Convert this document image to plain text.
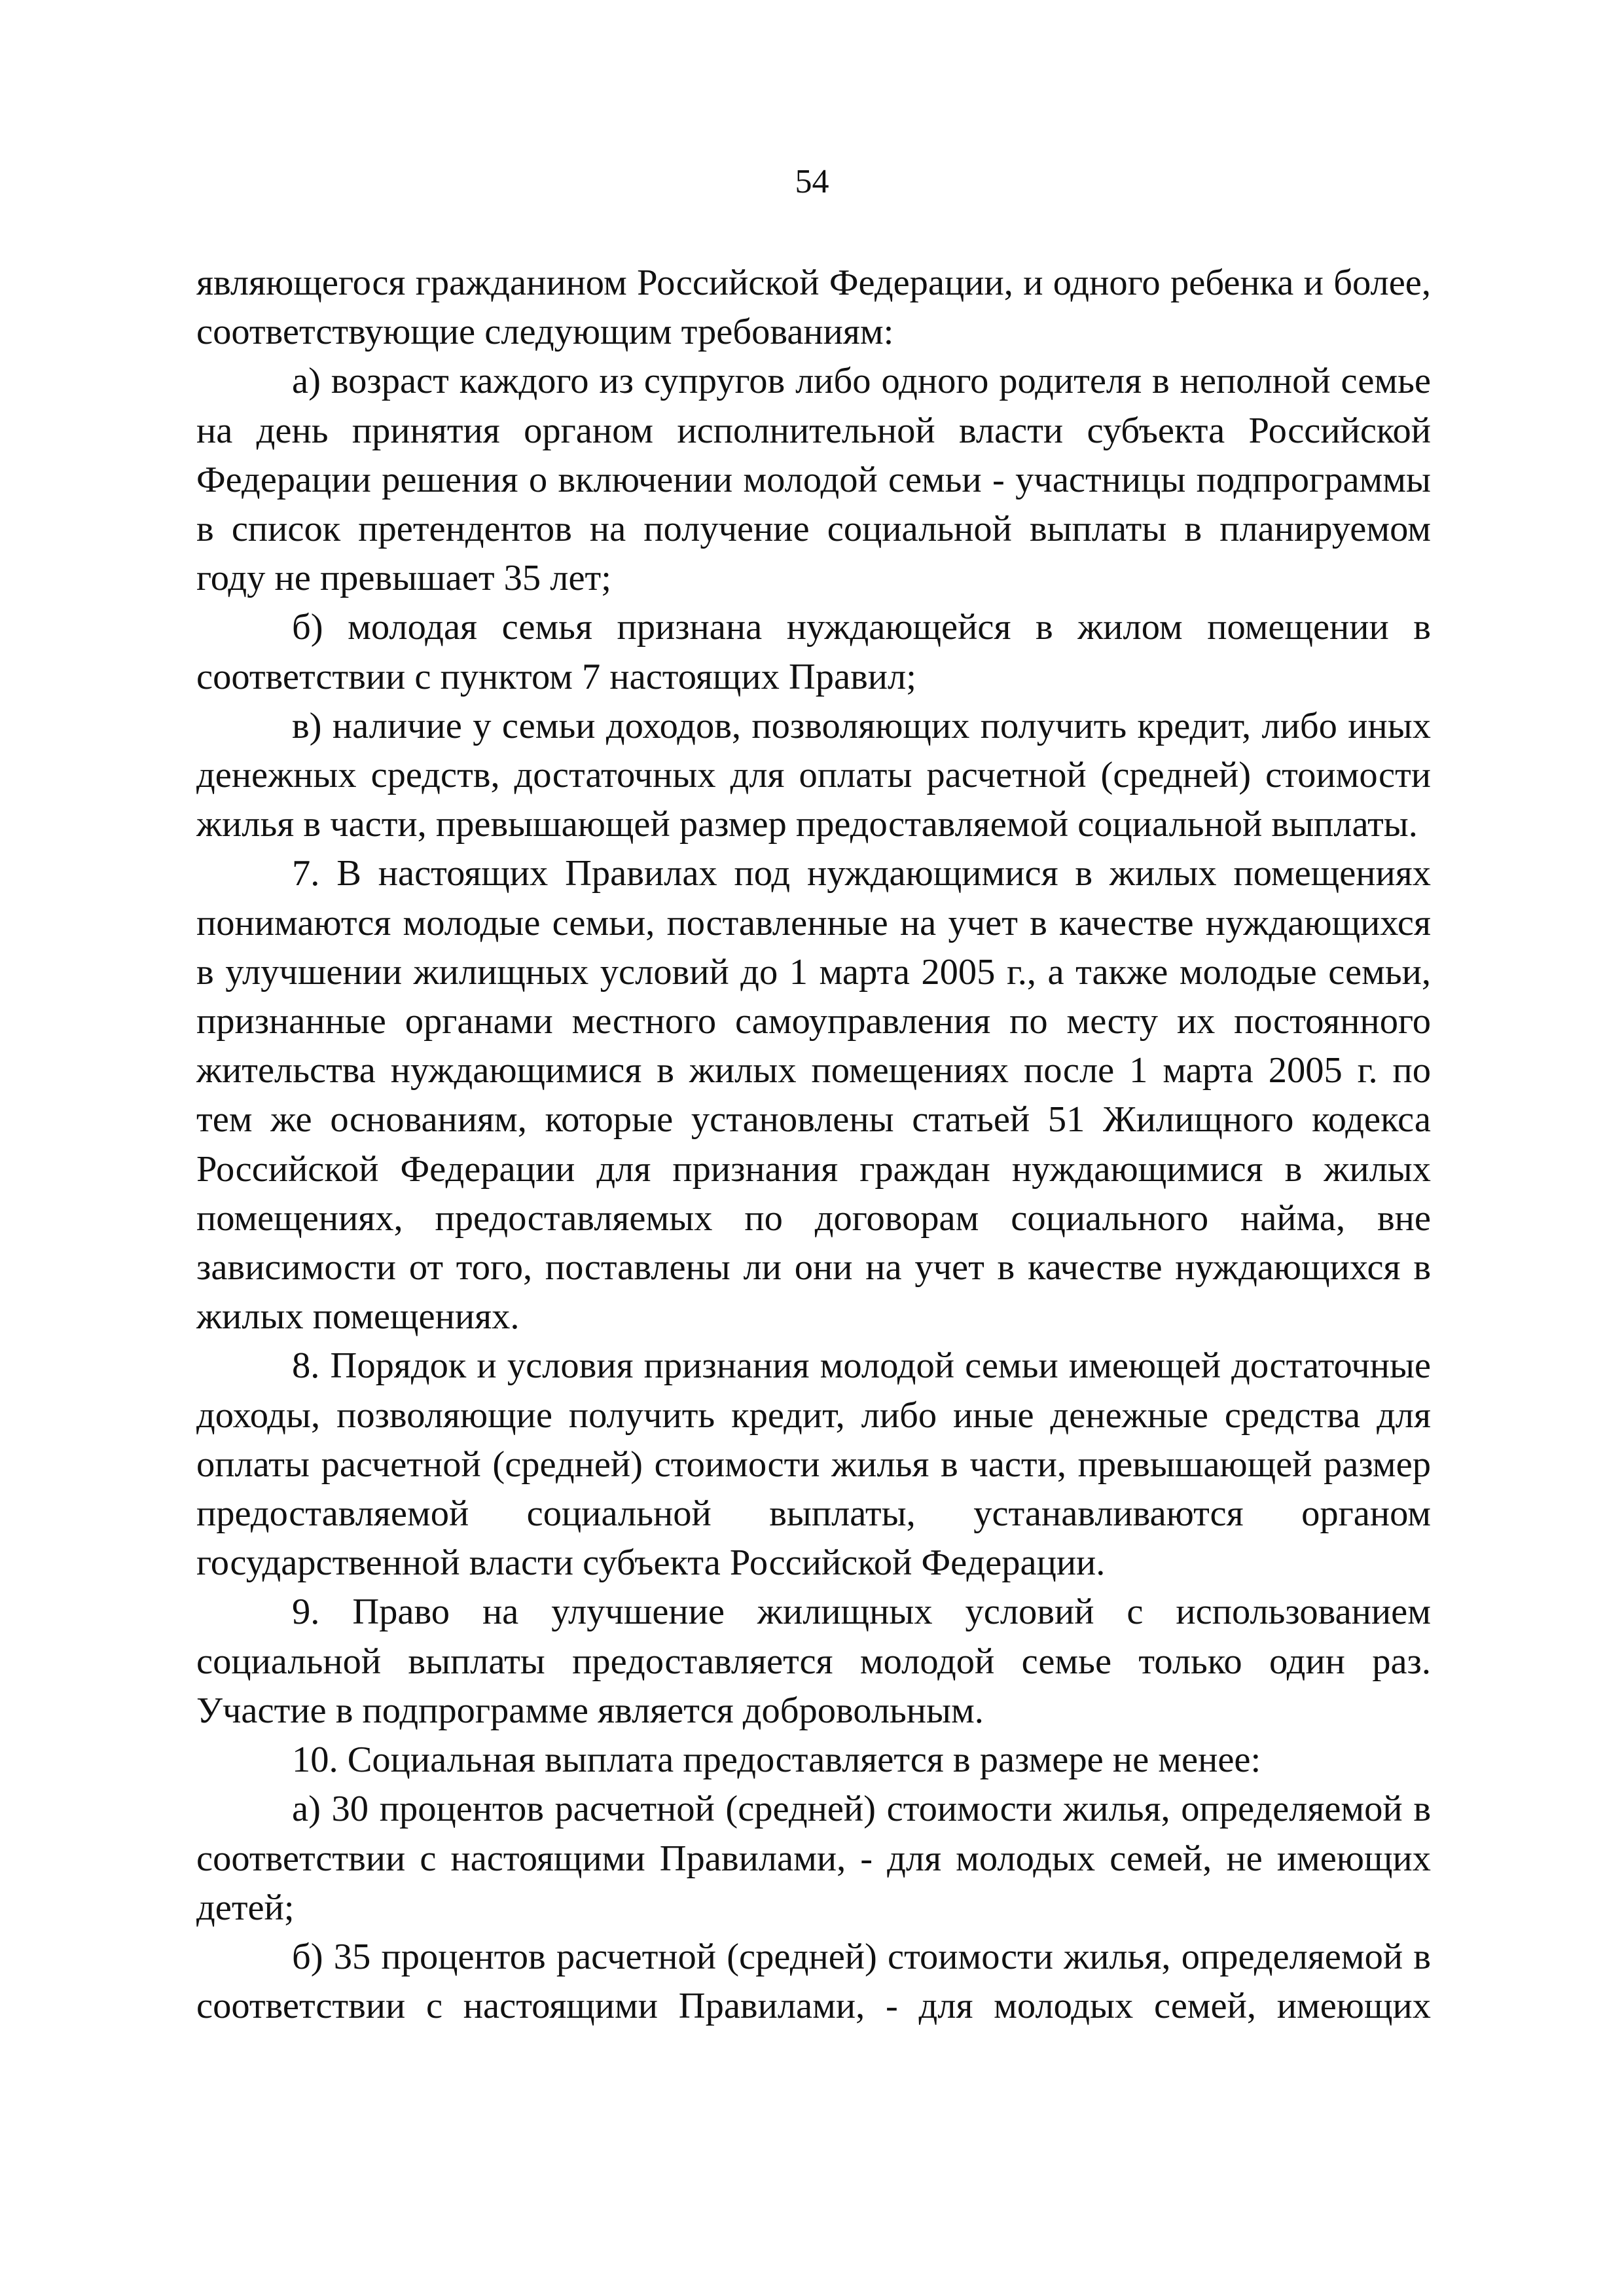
54

являющегося гражданином Российской Федерации, и одного ребенка и более, соответствующие следующим требованиям:

а) возраст каждого из супругов либо одного родителя в неполной семье на день принятия органом исполнительной власти субъекта Российской Федерации решения о включении молодой семьи - участницы подпрограммы в список претендентов на получение социальной выплаты в планируемом году не превышает 35 лет;

б) молодая семья признана нуждающейся в жилом помещении в соответствии с пунктом 7 настоящих Правил;

в) наличие у семьи доходов, позволяющих получить кредит, либо иных денежных средств, достаточных для оплаты расчетной (средней) стоимости жилья в части, превышающей размер предоставляемой социальной выплаты.

7. В настоящих Правилах под нуждающимися в жилых помещениях понимаются молодые семьи, поставленные на учет в качестве нуждающихся в улучшении жилищных условий до 1 марта 2005 г., а также молодые семьи, признанные органами местного самоуправления по месту их постоянного жительства нуждающимися в жилых помещениях после 1 марта 2005 г. по тем же основаниям, которые установлены статьей 51 Жилищного кодекса Российской Федерации для признания граждан нуждающимися в жилых помещениях, предоставляемых по договорам социального найма, вне зависимости от того, поставлены ли они на учет в качестве нуждающихся в жилых помещениях.

8. Порядок и условия признания молодой семьи имеющей достаточные доходы, позволяющие получить кредит, либо иные денежные средства для оплаты расчетной (средней) стоимости жилья в части, превышающей размер предоставляемой социальной выплаты, устанавливаются органом государственной власти субъекта Российской Федерации.

9. Право на улучшение жилищных условий с использованием социальной выплаты предоставляется молодой семье только один раз. Участие в подпрограмме является добровольным.

10. Социальная выплата предоставляется в размере не менее:

а) 30 процентов расчетной (средней) стоимости жилья, определяемой в соответствии с настоящими Правилами, - для молодых семей, не имеющих детей;

б) 35 процентов расчетной (средней) стоимости жилья, определяемой в соответствии с настоящими Правилами, - для молодых семей, имеющих
